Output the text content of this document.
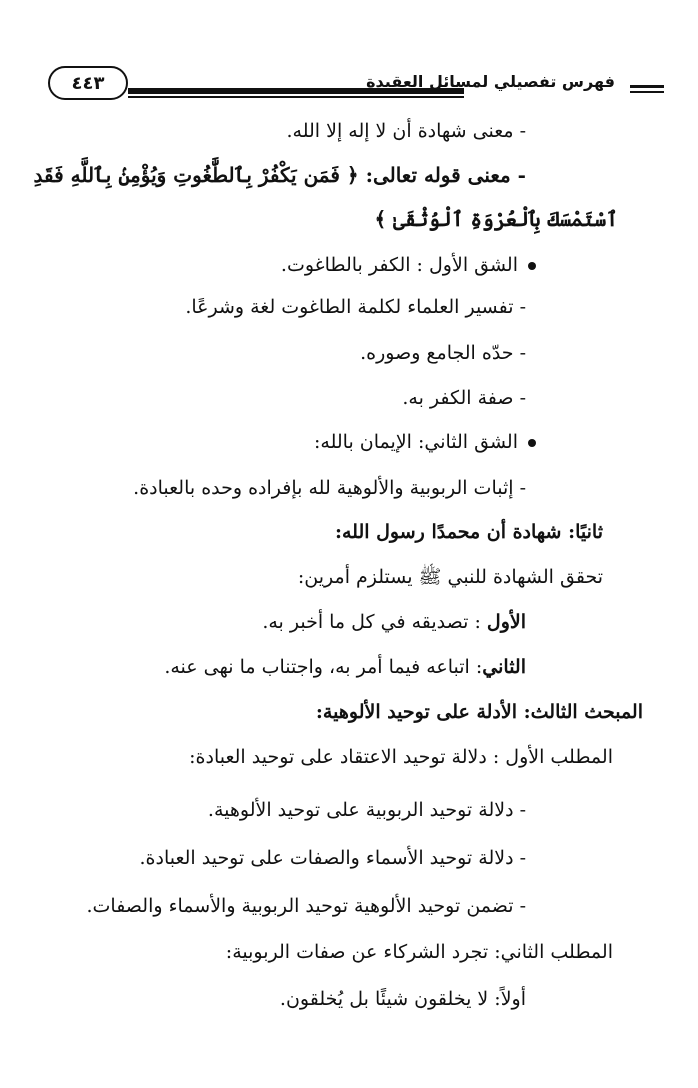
٤٤٣	فهرس تفصيلي لمسائل العقيدة
- معنى شهادة أن لا إله إلا الله.
- معنى قوله تعالى: ﴿ فَمَن يَكْفُرْ بِٱلطَّٰغُوتِ وَيُؤْمِنۢ بِٱللَّهِ فَقَدِ
ٱسْتَمْسَكَ بِٱلْعُرْوَةِ ٱلْوُثْقَىٰ ﴾
الشق الأول : الكفر بالطاغوت.
- تفسير العلماء لكلمة الطاغوت لغة وشرعًا.
- حدّه الجامع وصوره.
- صفة الكفر به.
الشق الثاني: الإيمان بالله:
- إثبات الربوبية والألوهية لله بإفراده وحده بالعبادة.
ثانيًا: شهادة أن محمدًا رسول الله:
تحقق الشهادة للنبي ﷺ يستلزم أمرين:
الأول : تصديقه في كل ما أخبر به.
الثاني: اتباعه فيما أمر به، واجتناب ما نهى عنه.
المبحث الثالث: الأدلة على توحيد الألوهية:
المطلب الأول : دلالة توحيد الاعتقاد على توحيد العبادة:
- دلالة توحيد الربوبية على توحيد الألوهية.
- دلالة توحيد الأسماء والصفات على توحيد العبادة.
- تضمن توحيد الألوهية توحيد الربوبية والأسماء والصفات.
المطلب الثاني: تجرد الشركاء عن صفات الربوبية:
أولاً: لا يخلقون شيئًا بل يُخلقون.
